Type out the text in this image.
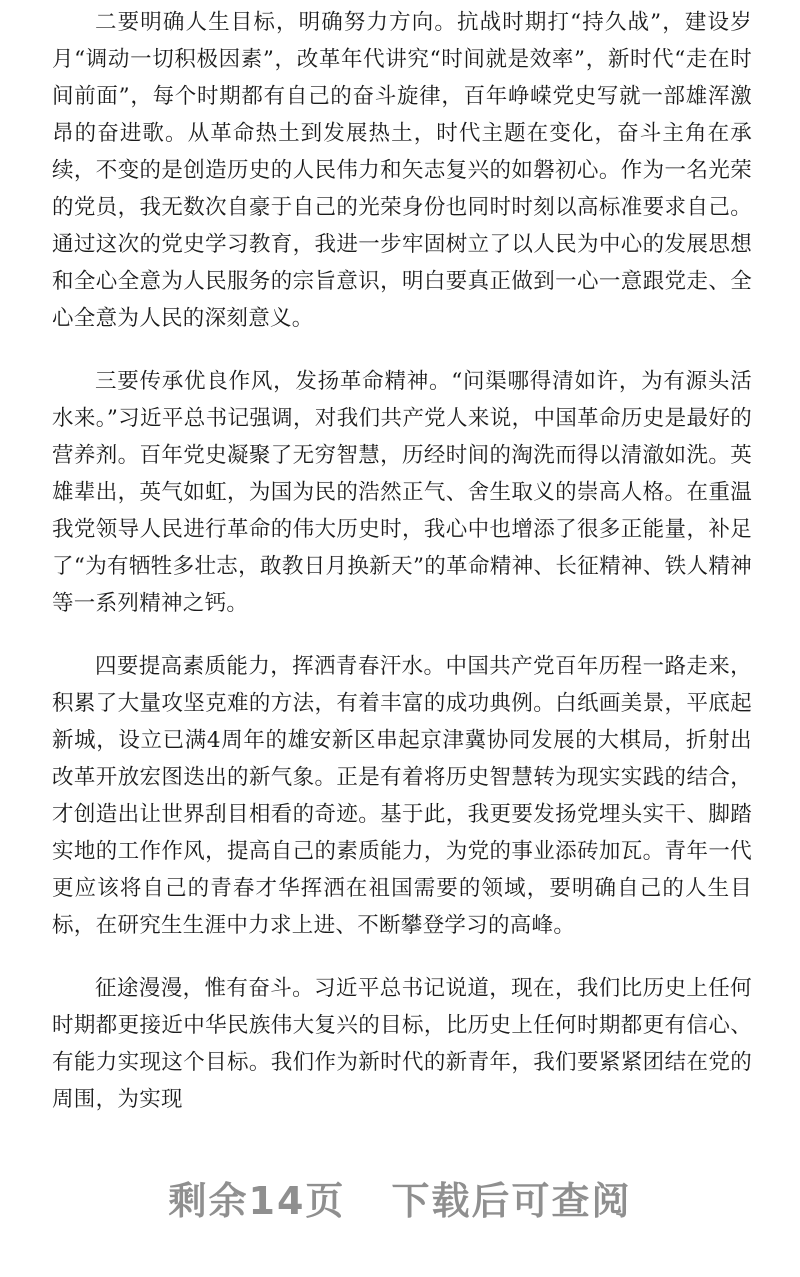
二要明确人生目标，明确努力方向。抗战时期打“持久战”，建设岁月“调动一切积极因素”，改革年代讲究“时间就是效率”，新时代“走在时间前面”，每个时期都有自己的奋斗旋律，百年峥嵘党史写就一部雄浑激昂的奋进歌。从革命热土到发展热土，时代主题在变化，奋斗主角在承续，不变的是创造历史的人民伟力和矢志复兴的如磐初心。作为一名光荣的党员，我无数次自豪于自己的光荣身份也同时时刻以高标准要求自己。通过这次的党史学习教育，我进一步牢固树立了以人民为中心的发展思想和全心全意为人民服务的宗旨意识，明白要真正做到一心一意跟党走、全心全意为人民的深刻意义。

三要传承优良作风，发扬革命精神。“问渠哪得清如许，为有源头活水来。”习近平总书记强调，对我们共产党人来说，中国革命历史是最好的营养剂。百年党史凝聚了无穷智慧，历经时间的淘洗而得以清澈如洗。英雄辈出，英气如虹，为国为民的浩然正气、舍生取义的崇高人格。在重温我党领导人民进行革命的伟大历史时，我心中也增添了很多正能量，补足了“为有牺牲多壮志，敢教日月换新天”的革命精神、长征精神、铁人精神等一系列精神之钙。

四要提高素质能力，挥洒青春汗水。中国共产党百年历程一路走来，积累了大量攻坚克难的方法，有着丰富的成功典例。白纸画美景，平底起新城，设立已满4周年的雄安新区串起京津冀协同发展的大棋局，折射出改革开放宏图迭出的新气象。正是有着将历史智慧转为现实实践的结合，才创造出让世界刮目相看的奇迹。基于此，我更要发扬党埋头实干、脚踏实地的工作作风，提高自己的素质能力，为党的事业添砖加瓦。青年一代更应该将自己的青春才华挥洒在祖国需要的领域，要明确自己的人生目标，在研究生生涯中力求上进、不断攀登学习的高峰。

征途漫漫，惟有奋斗。习近平总书记说道，现在，我们比历史上任何时期都更接近中华民族伟大复兴的目标，比历史上任何时期都更有信心、有能力实现这个目标。我们作为新时代的新青年，我们要紧紧团结在党的周围，为实现

剩余14页 下载后可查阅
